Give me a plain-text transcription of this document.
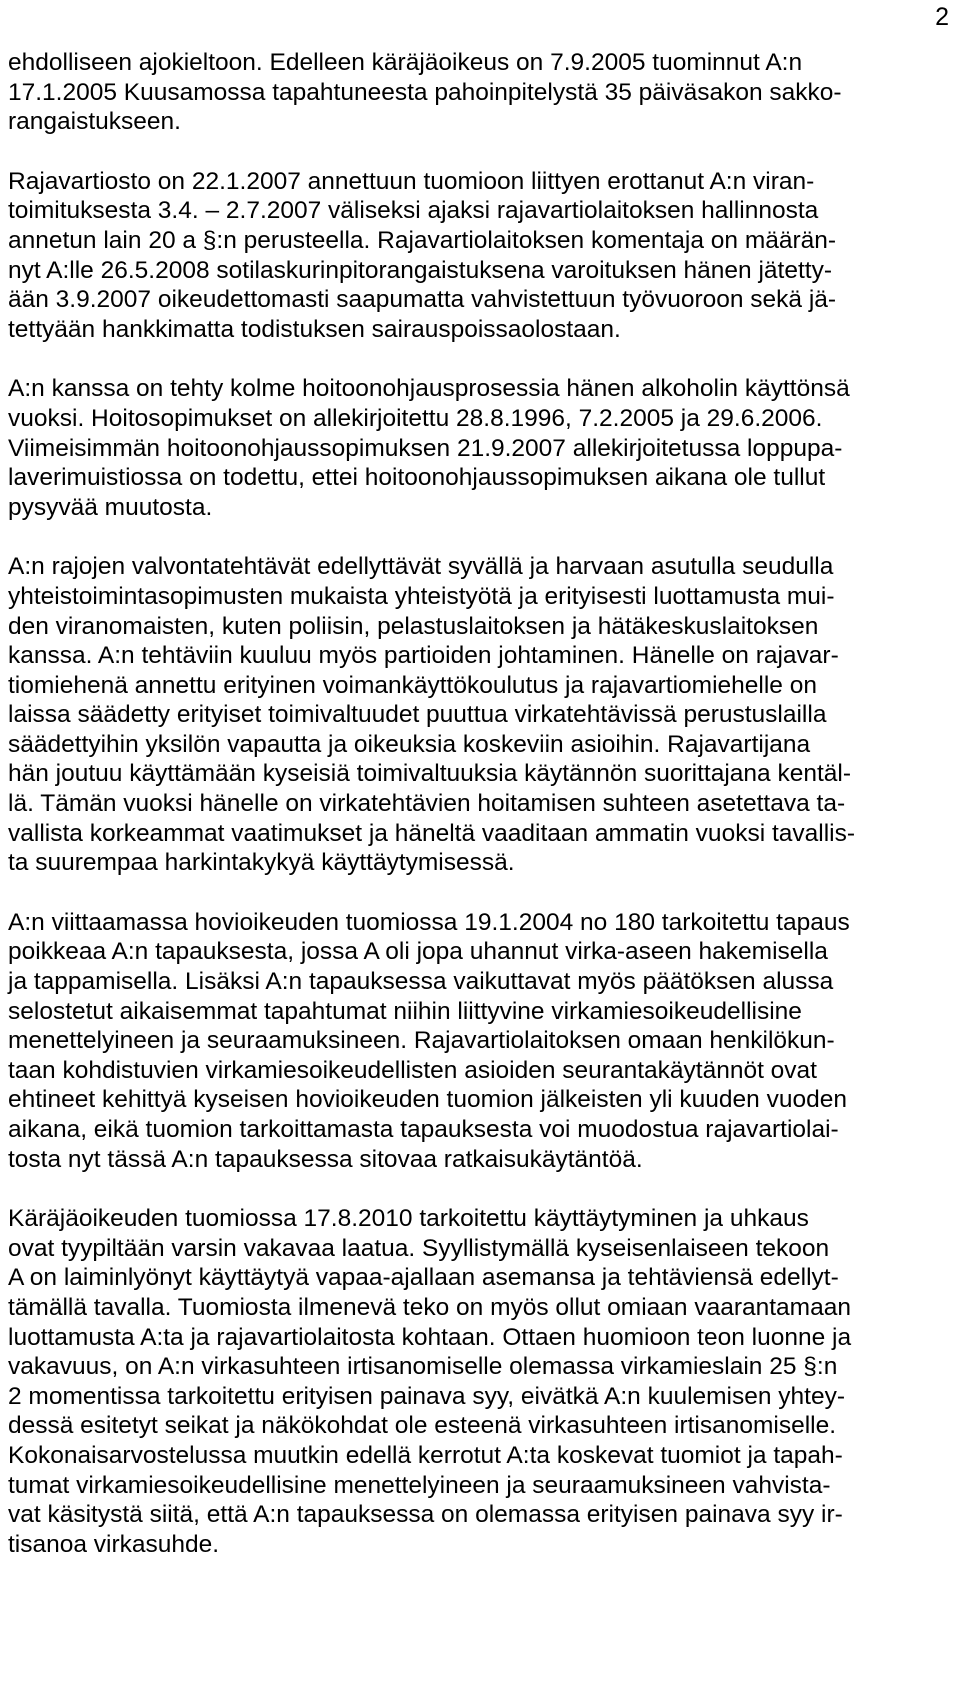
2

ehdolliseen ajokieltoon. Edelleen käräjäoikeus on 7.9.2005 tuominnut A:n
17.1.2005 Kuusamossa tapahtuneesta pahoinpitelystä 35 päiväsakon sakko-
rangaistukseen.

Rajavartiosto on 22.1.2007 annettuun tuomioon liittyen erottanut A:n viran-
toimituksesta 3.4. – 2.7.2007 väliseksi ajaksi rajavartiolaitoksen hallinnosta
annetun lain 20 a §:n perusteella. Rajavartiolaitoksen komentaja on määrän-
nyt A:lle 26.5.2008 sotilaskurinpitorangaistuksena varoituksen hänen jätetty-
ään 3.9.2007 oikeudettomasti saapumatta vahvistettuun työvuoroon sekä jä-
tettyään hankkimatta todistuksen sairauspoissaolostaan.

A:n kanssa on tehty kolme hoitoonohjausprosessia hänen alkoholin käyttönsä
vuoksi. Hoitosopimukset on allekirjoitettu 28.8.1996, 7.2.2005 ja 29.6.2006.
Viimeisimmän hoitoonohjaussopimuksen 21.9.2007 allekirjoitetussa loppupa-
laverimuistiossa on todettu, ettei hoitoonohjaussopimuksen aikana ole tullut
pysyvää muutosta.

A:n rajojen valvontatehtävät edellyttävät syvällä ja harvaan asutulla seudulla
yhteistoimintasopimusten mukaista yhteistyötä ja erityisesti luottamusta mui-
den viranomaisten, kuten poliisin, pelastuslaitoksen ja hätäkeskuslaitoksen
kanssa. A:n tehtäviin kuuluu myös partioiden johtaminen. Hänelle on rajavar-
tiomiehenä annettu erityinen voimankäyttökoulutus ja rajavartiomiehelle on
laissa säädetty erityiset toimivaltuudet puuttua virkatehtävissä perustuslailla
säädettyihin yksilön vapautta ja oikeuksia koskeviin asioihin. Rajavartijana
hän joutuu käyttämään kyseisiä toimivaltuuksia käytännön suorittajana kentäl-
lä. Tämän vuoksi hänelle on virkatehtävien hoitamisen suhteen asetettava ta-
vallista korkeammat vaatimukset ja häneltä vaaditaan ammatin vuoksi tavallis-
ta suurempaa harkintakykyä käyttäytymisessä.

A:n viittaamassa hovioikeuden tuomiossa 19.1.2004 no 180 tarkoitettu tapaus
poikkeaa A:n tapauksesta, jossa A oli jopa uhannut virka-aseen hakemisella
ja tappamisella. Lisäksi A:n tapauksessa vaikuttavat myös päätöksen alussa
selostetut aikaisemmat tapahtumat niihin liittyvine virkamiesoikeudellisine
menettelyineen ja seuraamuksineen. Rajavartiolaitoksen omaan henkilökun-
taan kohdistuvien virkamiesoikeudellisten asioiden seurantakäytännöt ovat
ehtineet kehittyä kyseisen hovioikeuden tuomion jälkeisten yli kuuden vuoden
aikana, eikä tuomion tarkoittamasta tapauksesta voi muodostua rajavartiolai-
tosta nyt tässä A:n tapauksessa sitovaa ratkaisukäytäntöä.

Käräjäoikeuden tuomiossa 17.8.2010 tarkoitettu käyttäytyminen ja uhkaus
ovat tyypiltään varsin vakavaa laatua. Syyllistymällä kyseisenlaiseen tekoon
A on laiminlyönyt käyttäytyä vapaa-ajallaan asemansa ja tehtäviensä edellyt-
tämällä tavalla. Tuomiosta ilmenevä teko on myös ollut omiaan vaarantamaan
luottamusta A:ta ja rajavartiolaitosta kohtaan. Ottaen huomioon teon luonne ja
vakavuus, on A:n virkasuhteen irtisanomiselle olemassa virkamieslain 25 §:n
2 momentissa tarkoitettu erityisen painava syy, eivätkä A:n kuulemisen yhtey-
dessä esitetyt seikat ja näkökohdat ole esteenä virkasuhteen irtisanomiselle.
Kokonaisarvostelussa muutkin edellä kerrotut A:ta koskevat tuomiot ja tapah-
tumat virkamiesoikeudellisine menettelyineen ja seuraamuksineen vahvista-
vat käsitystä siitä, että A:n tapauksessa on olemassa erityisen painava syy ir-
tisanoa virkasuhde.
